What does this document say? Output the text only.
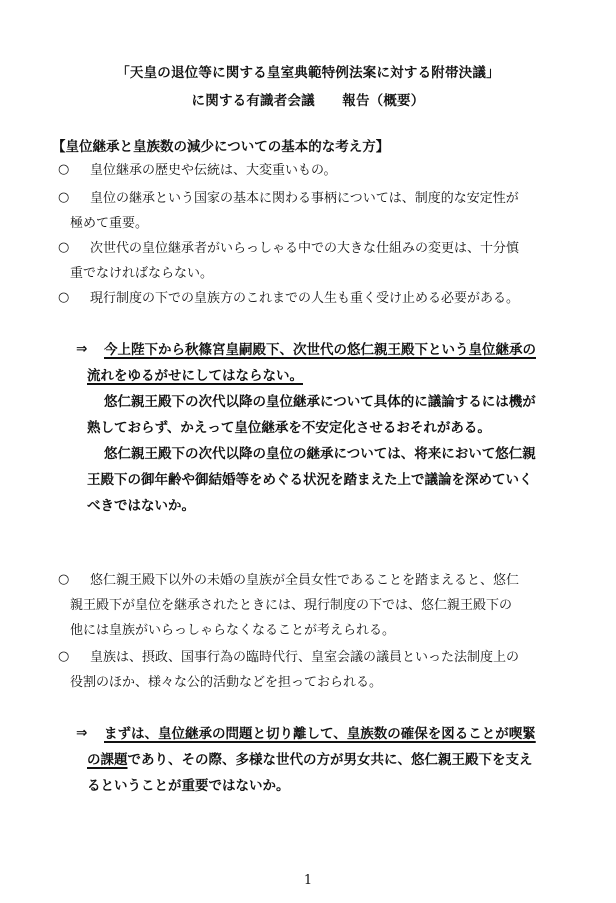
「天皇の退位等に関する皇室典範特例法案に対する附帯決議」
に関する有識者会議　　報告（概要）
【皇位継承と皇族数の減少についての基本的な考え方】
○ 皇位継承の歴史や伝統は、大変重いもの。
○ 皇位の継承という国家の基本に関わる事柄については、制度的な安定性が
極めて重要。
○ 次世代の皇位継承者がいらっしゃる中での大きな仕組みの変更は、十分慎
重でなければならない。
○ 現行制度の下での皇族方のこれまでの人生も重く受け止める必要がある。
⇒ 今上陛下から秋篠宮皇嗣殿下、次世代の悠仁親王殿下という皇位継承の
流れをゆるがせにしてはならない。
悠仁親王殿下の次代以降の皇位継承について具体的に議論するには機が
熟しておらず、かえって皇位継承を不安定化させるおそれがある。
悠仁親王殿下の次代以降の皇位の継承については、将来において悠仁親
王殿下の御年齢や御結婚等をめぐる状況を踏まえた上で議論を深めていく
べきではないか。
○ 悠仁親王殿下以外の未婚の皇族が全員女性であることを踏まえると、悠仁
親王殿下が皇位を継承されたときには、現行制度の下では、悠仁親王殿下の
他には皇族がいらっしゃらなくなることが考えられる。
○ 皇族は、摂政、国事行為の臨時代行、皇室会議の議員といった法制度上の
役割のほか、様々な公的活動などを担っておられる。
⇒ まずは、皇位継承の問題と切り離して、皇族数の確保を図ることが喫緊
の課題であり、その際、多様な世代の方が男女共に、悠仁親王殿下を支え
るということが重要ではないか。
1
